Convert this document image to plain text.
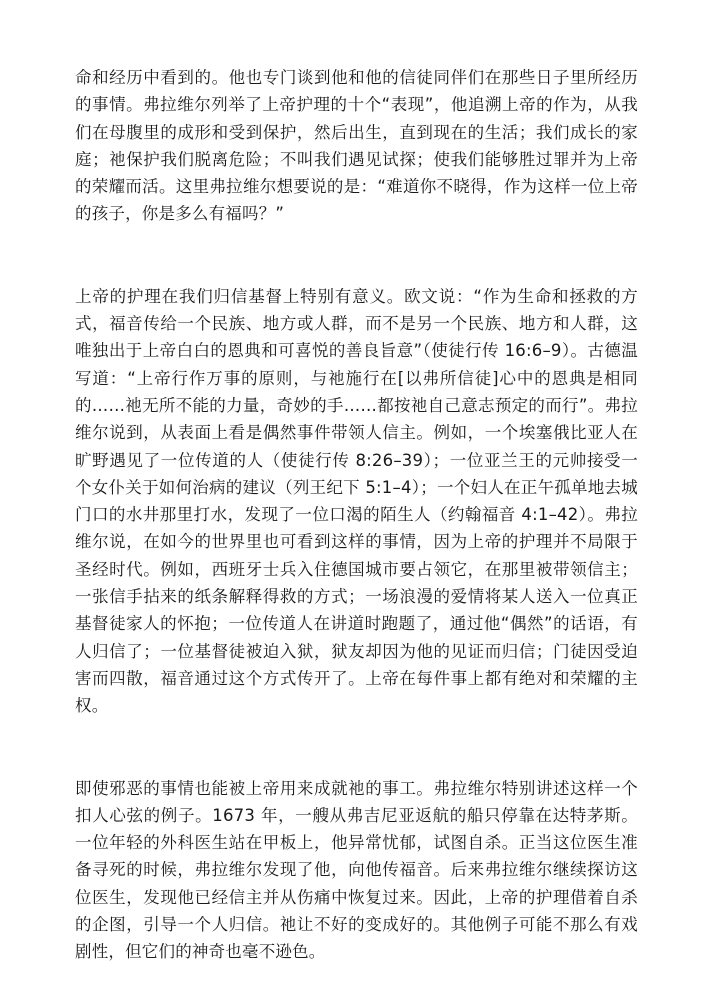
命和经历中看到的。他也专门谈到他和他的信徒同伴们在那些日子里所经历的事情。弗拉维尔列举了上帝护理的十个“表现”，他追溯上帝的作为，从我们在母腹里的成形和受到保护，然后出生，直到现在的生活；我们成长的家庭；祂保护我们脱离危险；不叫我们遇见试探；使我们能够胜过罪并为上帝的荣耀而活。这里弗拉维尔想要说的是：“难道你不晓得，作为这样一位上帝的孩子，你是多么有福吗？”

上帝的护理在我们归信基督上特别有意义。欧文说：“作为生命和拯救的方式，福音传给一个民族、地方或人群，而不是另一个民族、地方和人群，这唯独出于上帝白白的恩典和可喜悦的善良旨意”（使徒行传 16:6–9）。古德温写道：“上帝行作万事的原则，与祂施行在[以弗所信徒]心中的恩典是相同的……祂无所不能的力量，奇妙的手……都按祂自己意志预定的而行”。弗拉维尔说到，从表面上看是偶然事件带领人信主。例如，一个埃塞俄比亚人在旷野遇见了一位传道的人（使徒行传 8:26–39）；一位亚兰王的元帅接受一个女仆关于如何治病的建议（列王纪下 5:1–4）；一个妇人在正午孤单地去城门口的水井那里打水，发现了一位口渴的陌生人（约翰福音 4:1–42）。弗拉维尔说，在如今的世界里也可看到这样的事情，因为上帝的护理并不局限于圣经时代。例如，西班牙士兵入住德国城市要占领它，在那里被带领信主；一张信手拈来的纸条解释得救的方式；一场浪漫的爱情将某人送入一位真正基督徒家人的怀抱；一位传道人在讲道时跑题了，通过他“偶然”的话语，有人归信了；一位基督徒被迫入狱，狱友却因为他的见证而归信；门徒因受迫害而四散，福音通过这个方式传开了。上帝在每件事上都有绝对和荣耀的主权。

即使邪恶的事情也能被上帝用来成就祂的事工。弗拉维尔特别讲述这样一个扣人心弦的例子。1673 年，一艘从弗吉尼亚返航的船只停靠在达特茅斯。一位年轻的外科医生站在甲板上，他异常忧郁，试图自杀。正当这位医生准备寻死的时候，弗拉维尔发现了他，向他传福音。后来弗拉维尔继续探访这位医生，发现他已经信主并从伤痛中恢复过来。因此，上帝的护理借着自杀的企图，引导一个人归信。祂让不好的变成好的。其他例子可能不那么有戏剧性，但它们的神奇也毫不逊色。
